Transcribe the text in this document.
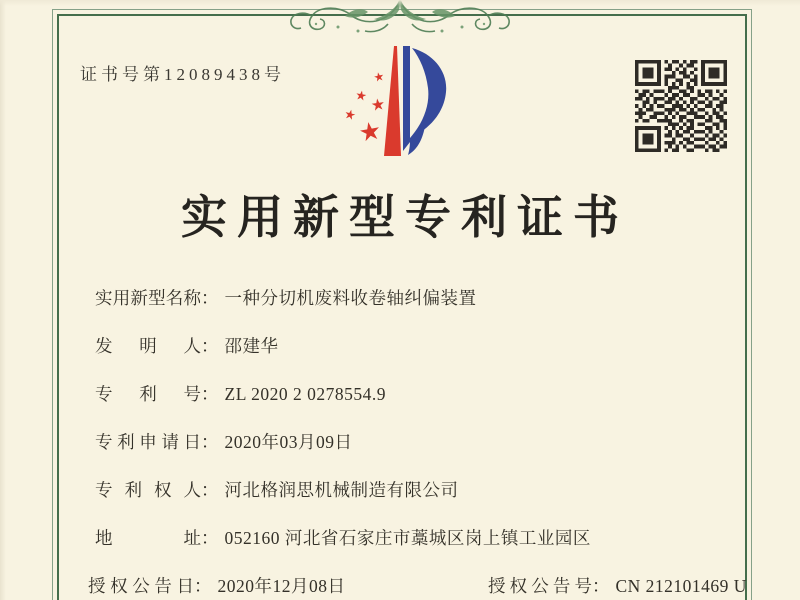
证书号第12089438号	★
★ ★
★ ★
实用新型专利证书
实用新型名称： 一种分切机废料收卷轴纠偏装置
发明人： 邵建华
专利号： ZL 2020 2 0278554.9
专利申请日： 2020年03月09日
专利权人： 河北格润思机械制造有限公司
地址： 052160 河北省石家庄市藁城区岗上镇工业园区
授权公告日： 2020年12月08日	授权公告号： CN 212101469 U
